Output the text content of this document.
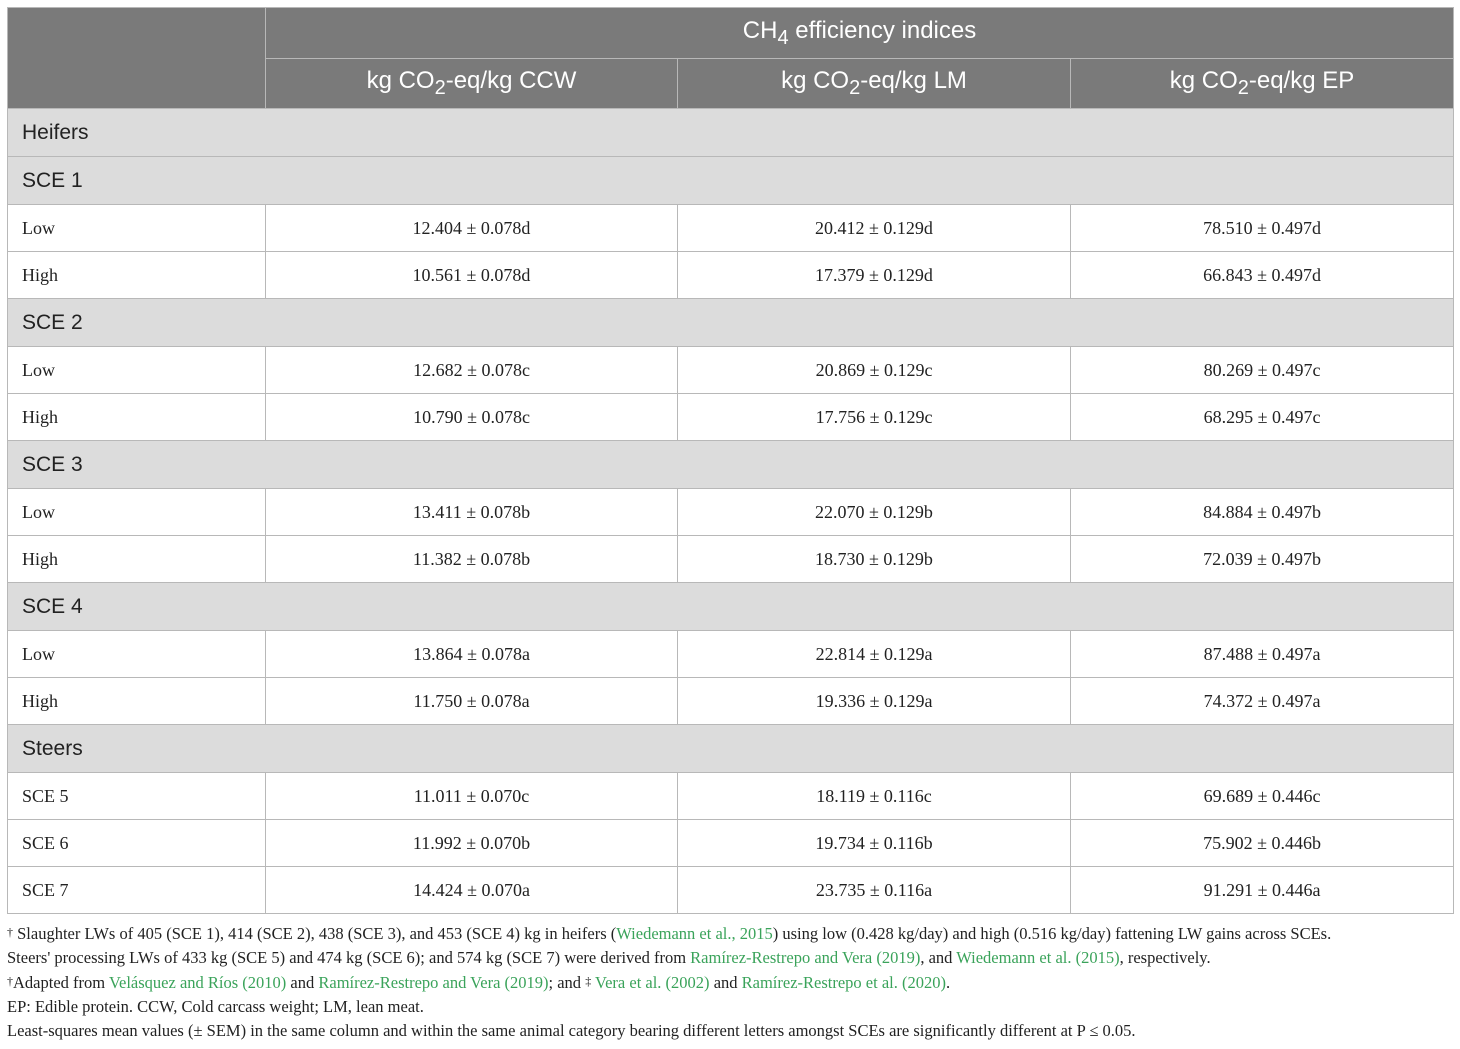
	$CH_4$ efficiency indices		
	kg $CO_2-eq/kg$ CCW	kg $CO_2-eq/kg$ LM	kg $CO_2-eq/kg$ EP
Heifers			
SCE 1			
Low	12.404 ± 0.078d	20.412 ± 0.129d	78.510 ± 0.497d
High	10.561 ± 0.078d	17.379 ± 0.129d	66.843 ± 0.497d
SCE 2			
Low	12.682 ± 0.078c	20.869 ± 0.129c	80.269 ± 0.497c
High	10.790 ± 0.078c	17.756 ± 0.129c	68.295 ± 0.497c
SCE 3			
Low	13.411 ± 0.078b	22.070 ± 0.129b	84.884 ± 0.497b
High	11.382 ± 0.078b	18.730 ± 0.129b	72.039 ± 0.497b
SCE 4			
Low	13.864 ± 0.078a	22.814 ± 0.129a	87.488 ± 0.497a
High	11.750 ± 0.078a	19.336 ± 0.129a	74.372 ± 0.497a
Steers			
SCE 5	11.011 ± 0.070c	18.119 ± 0.116c	69.689 ± 0.446c
SCE 6	11.992 ± 0.070b	19.734 ± 0.116b	75.902 ± 0.446b
SCE 7	14.424 ± 0.070a	23.735 ± 0.116a	91.291 ± 0.446a

† Slaughter LWs of 405 (SCE 1), 414 (SCE 2), 438 (SCE 3), and 453 (SCE 4) kg in heifers (Wiedemann et al., 2015) using low (0.428 kg/day) and high (0.516 kg/day) fattening LW gains across SCEs.

Steers' processing LWs of 433 kg (SCE 5) and 474 kg (SCE 6); and 574 kg (SCE 7) were derived from Ramírez-Restrepo and Vera (2019), and Wiedemann et al. (2015), respectively.

†Adapted from Velásquez and Ríos (2010) and Ramírez-Restrepo and Vera (2019); and ‡ Vera et al. (2002) and Ramírez-Restrepo et al. (2020).

EP: Edible protein. CCW, Cold carcass weight; LM, lean meat.

Least-squares mean values (± SEM) in the same column and within the same animal category bearing different letters amongst SCEs are significantly different at P ≤ 0.05.
